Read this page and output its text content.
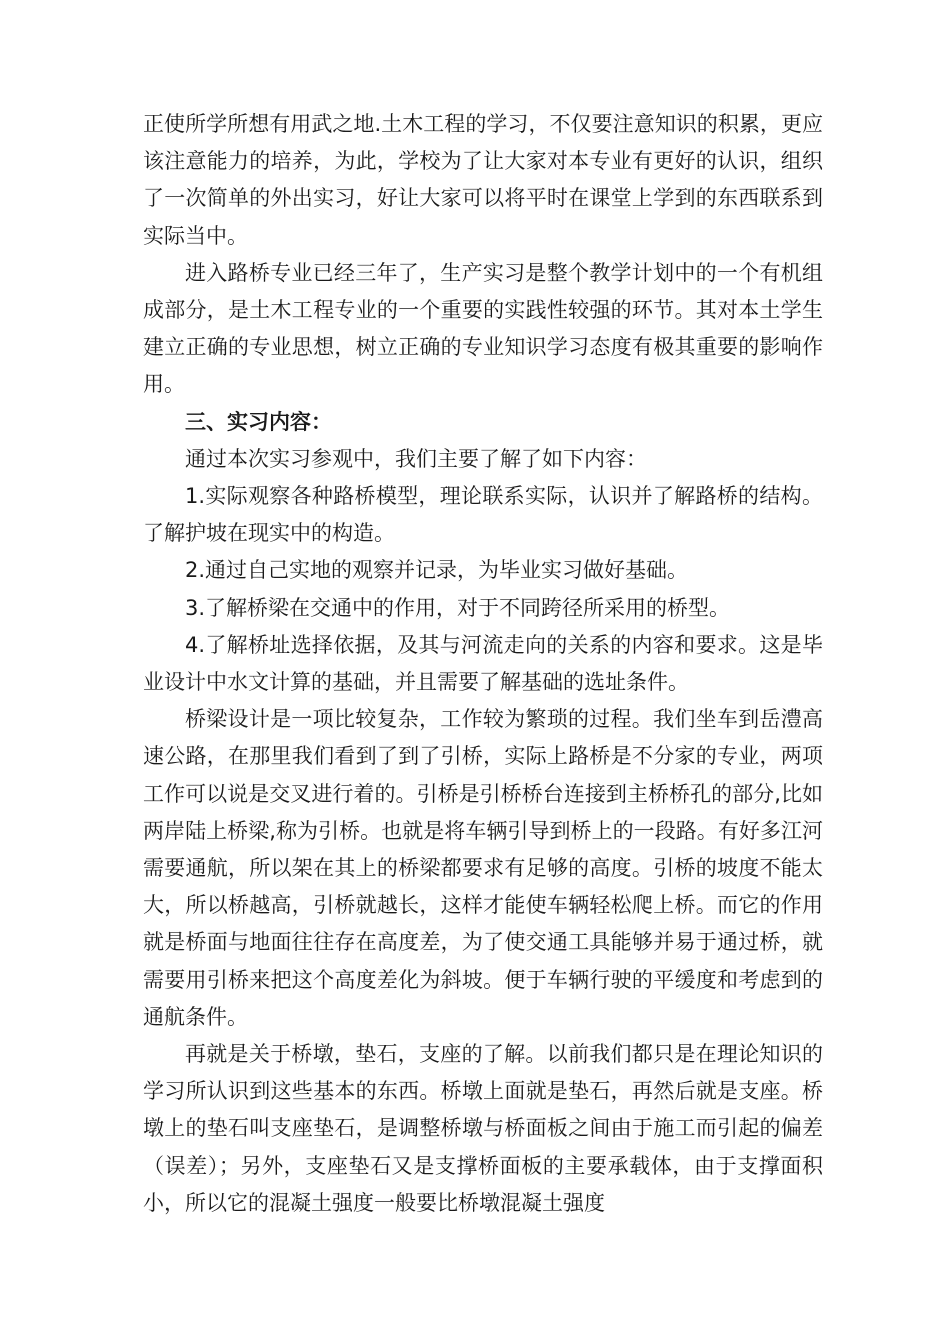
正使所学所想有用武之地.土木工程的学习，不仅要注意知识的积累，更应该注意能力的培养，为此，学校为了让大家对本专业有更好的认识，组织了一次简单的外出实习，好让大家可以将平时在课堂上学到的东西联系到实际当中。

进入路桥专业已经三年了，生产实习是整个教学计划中的一个有机组成部分，是土木工程专业的一个重要的实践性较强的环节。其对本土学生建立正确的专业思想，树立正确的专业知识学习态度有极其重要的影响作用。

三、实习内容：

通过本次实习参观中，我们主要了解了如下内容：

1.实际观察各种路桥模型，理论联系实际，认识并了解路桥的结构。了解护坡在现实中的构造。

2.通过自己实地的观察并记录，为毕业实习做好基础。

3.了解桥梁在交通中的作用，对于不同跨径所采用的桥型。

4.了解桥址选择依据，及其与河流走向的关系的内容和要求。这是毕业设计中水文计算的基础，并且需要了解基础的选址条件。

桥梁设计是一项比较复杂，工作较为繁琐的过程。我们坐车到岳澧高速公路，在那里我们看到了到了引桥，实际上路桥是不分家的专业，两项工作可以说是交叉进行着的。引桥是引桥桥台连接到主桥桥孔的部分,比如两岸陆上桥梁,称为引桥。也就是将车辆引导到桥上的一段路。有好多江河需要通航，所以架在其上的桥梁都要求有足够的高度。引桥的坡度不能太大，所以桥越高，引桥就越长，这样才能使车辆轻松爬上桥。而它的作用就是桥面与地面往往存在高度差，为了使交通工具能够并易于通过桥，就需要用引桥来把这个高度差化为斜坡。便于车辆行驶的平缓度和考虑到的通航条件。

再就是关于桥墩，垫石，支座的了解。以前我们都只是在理论知识的学习所认识到这些基本的东西。桥墩上面就是垫石，再然后就是支座。桥墩上的垫石叫支座垫石，是调整桥墩与桥面板之间由于施工而引起的偏差（误差）；另外，支座垫石又是支撑桥面板的主要承载体，由于支撑面积小，所以它的混凝土强度一般要比桥墩混凝土强度
